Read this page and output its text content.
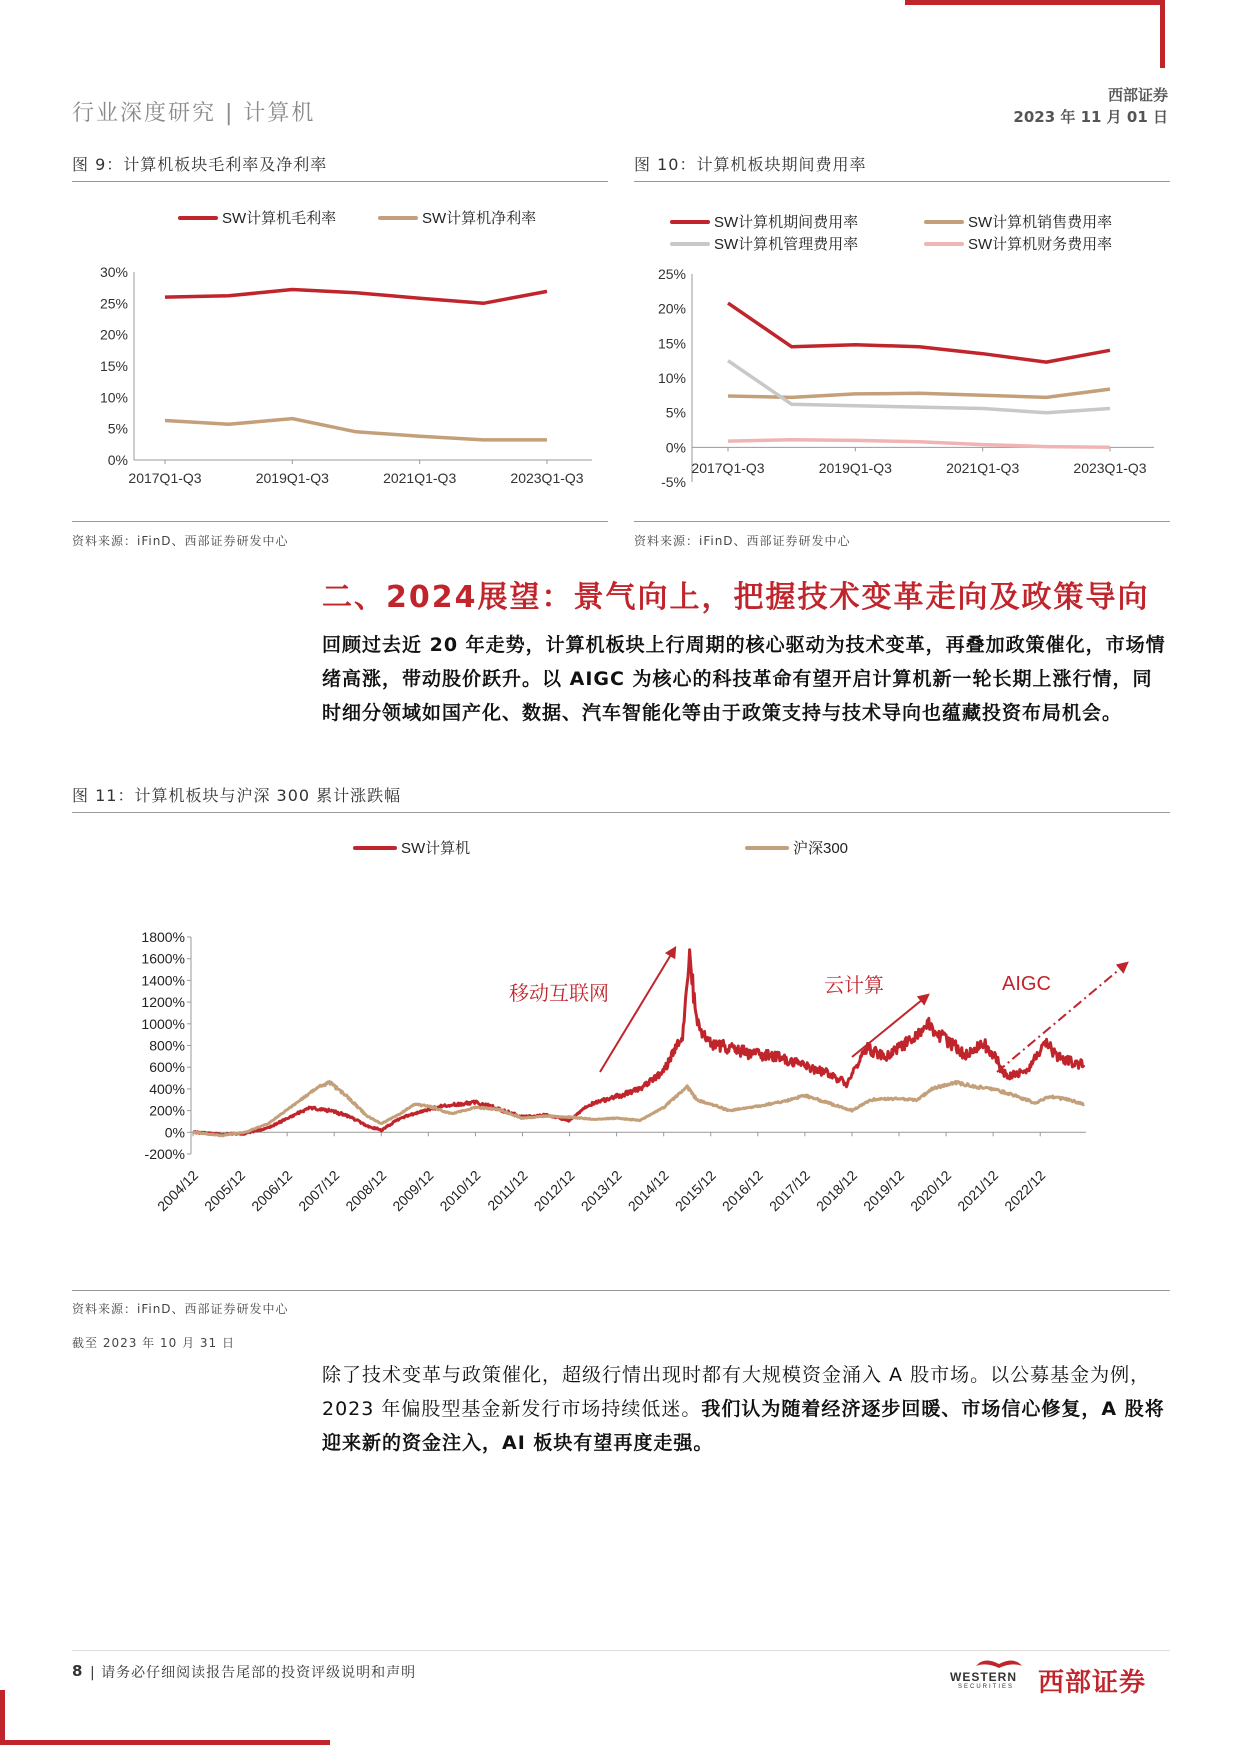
行业深度研究 | 计算机
西部证券
2023 年 11 月 01 日
图 9：计算机板块毛利率及净利率
0%
5%
10%
15%
20%
25%
30%
2017Q1-Q3	2019Q1-Q3	2021Q1-Q3	2023Q1-Q3
SW计算机毛利率	SW计算机净利率
资料来源：iFinD、西部证券研发中心
图 10：计算机板块期间费用率
-5%
0%
5%
10%
15%
20%
25%
2017Q1-Q3	2019Q1-Q3	2021Q1-Q3	2023Q1-Q3
SW计算机期间费用率	SW计算机销售费用率
SW计算机管理费用率	SW计算机财务费用率
资料来源：iFinD、西部证券研发中心
二、2024展望：景气向上，把握技术变革走向及政策导向
回顾过去近 20 年走势，计算机板块上行周期的核心驱动为技术变革，再叠加政策催化，市场情绪高涨，带动股价跃升。以 AIGC 为核心的科技革命有望开启计算机新一轮长期上涨行情，同时细分领域如国产化、数据、汽车智能化等由于政策支持与技术导向也蕴藏投资布局机会。
图 11：计算机板块与沪深 300 累计涨跌幅
-200%
0%
200%
400%
600%
800%
1000%
1200%
1400%
1600%
1800%
2004/12 2005/12 2006/12 2007/12 2008/12 2009/12 2010/12 2011/12 2012/12 2013/12 2014/12 2015/12 2016/12 2017/12 2018/12 2019/12 2020/12 2021/12 2022/12
SW计算机	沪深300
移动互联网	云计算	AIGC
资料来源：iFinD、西部证券研发中心
截至 2023 年 10 月 31 日
除了技术变革与政策催化，超级行情出现时都有大规模资金涌入 A 股市场。以公募基金为例， 2023 年偏股型基金新发行市场持续低迷。我们认为随着经济逐步回暖、市场信心修复，A 股将迎来新的资金注入，AI 板块有望再度走强。
8 | 请务必仔细阅读报告尾部的投资评级说明和声明	WESTERN
SECURITIES 西部证券
